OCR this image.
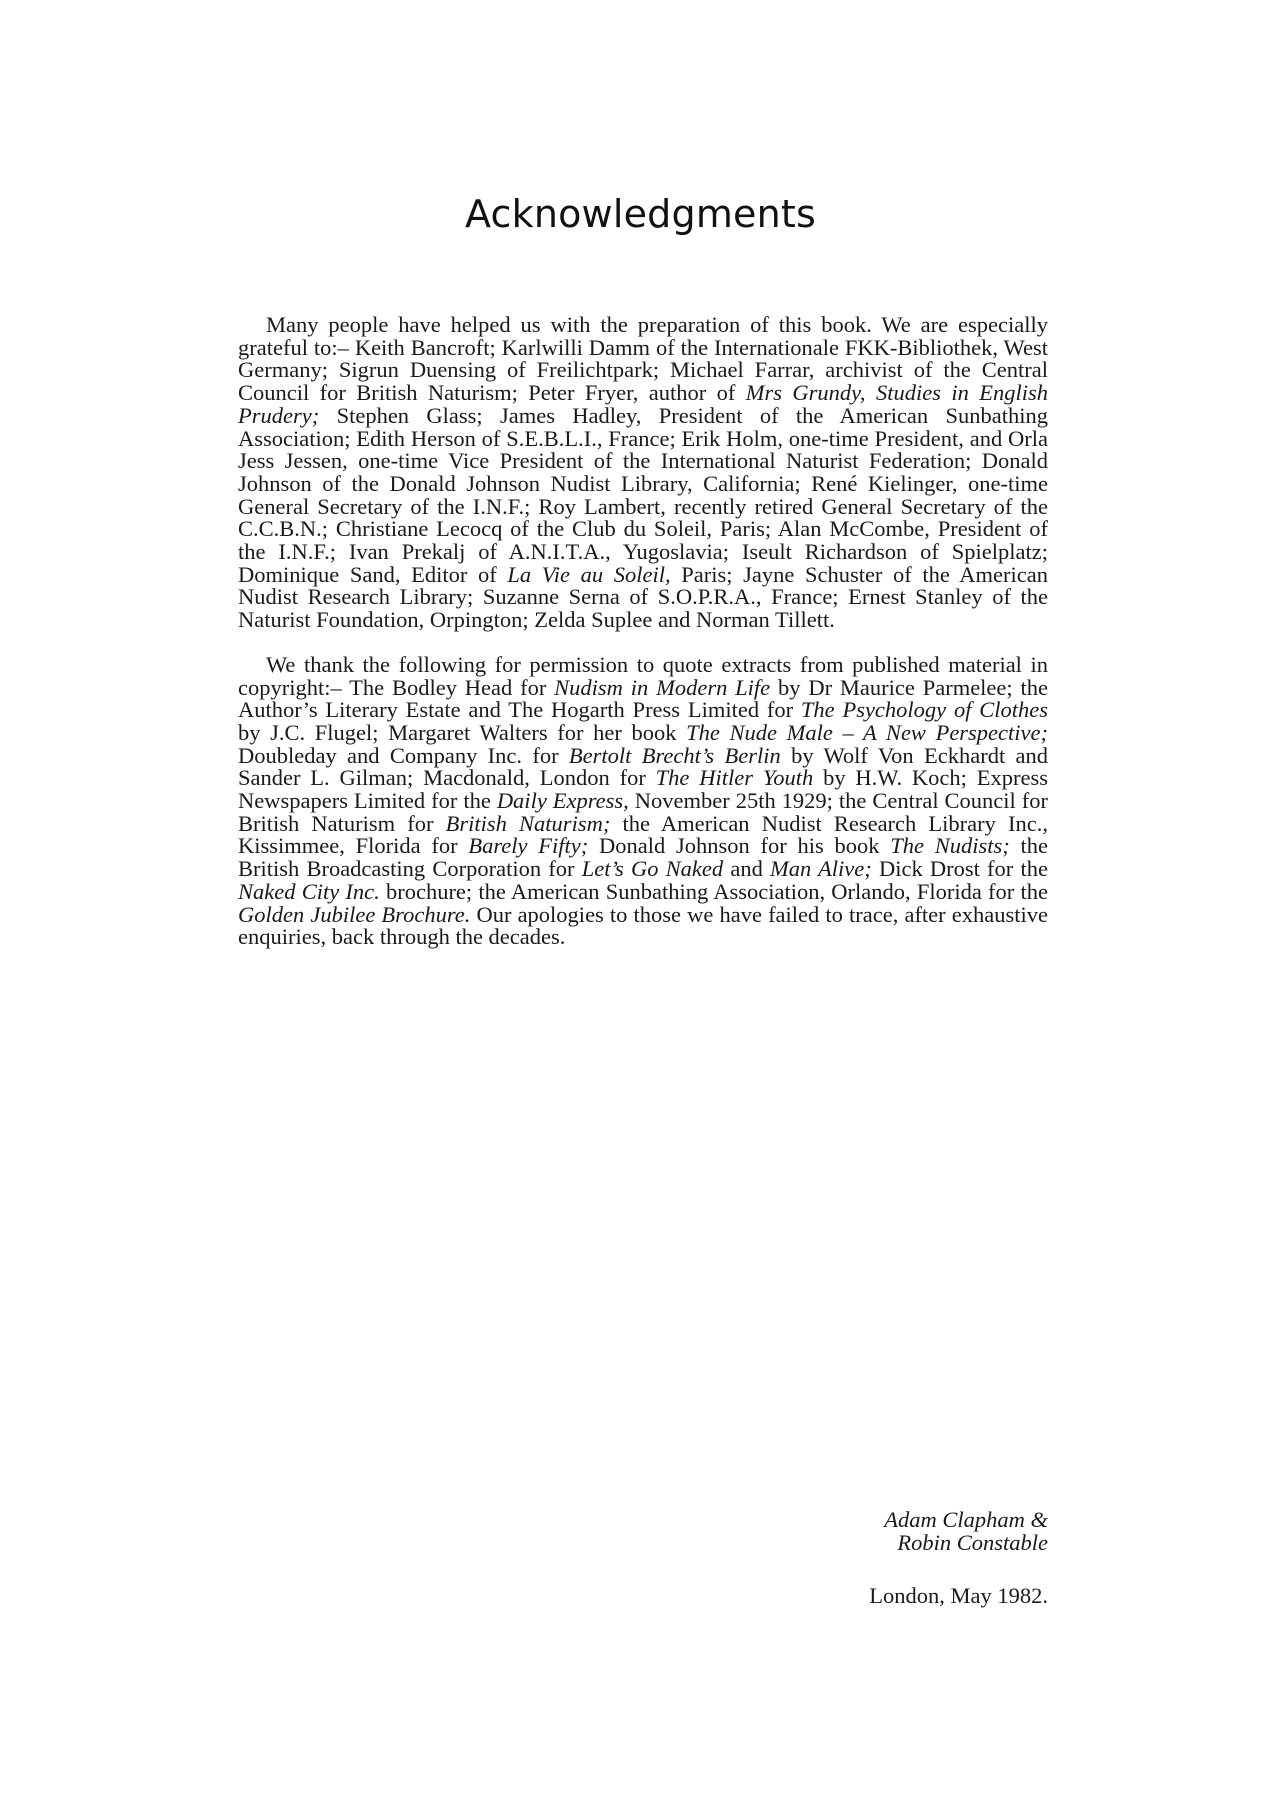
Acknowledgments

Many people have helped us with the preparation of this book. We are especially grateful to:– Keith Bancroft; Karlwilli Damm of the Internationale FKK-Bibliothek, West Germany; Sigrun Duensing of Freilichtpark; Michael Farrar, archivist of the Central Council for British Naturism; Peter Fryer, author of Mrs Grundy, Studies in English Prudery; Stephen Glass; James Hadley, President of the American Sunbathing Association; Edith Herson of S.E.B.L.I., France; Erik Holm, one-time President, and Orla Jess Jessen, one-time Vice President of the International Naturist Federation; Donald Johnson of the Donald Johnson Nudist Library, California; René Kielinger, one-time General Secretary of the I.N.F.; Roy Lambert, recently retired General Secretary of the C.C.B.N.; Christiane Lecocq of the Club du Soleil, Paris; Alan McCombe, President of the I.N.F.; Ivan Prekalj of A.N.I.T.A., Yugoslavia; Iseult Richardson of Spielplatz; Dominique Sand, Editor of La Vie au Soleil, Paris; Jayne Schuster of the American Nudist Research Library; Suzanne Serna of S.O.P.R.A., France; Ernest Stanley of the Naturist Foundation, Orpington; Zelda Suplee and Norman Tillett.

We thank the following for permission to quote extracts from published material in copyright:– The Bodley Head for Nudism in Modern Life by Dr Maurice Parmelee; the Author’s Literary Estate and The Hogarth Press Limited for The Psychology of Clothes by J.C. Flugel; Margaret Walters for her book The Nude Male – A New Perspective; Doubleday and Company Inc. for Bertolt Brecht’s Berlin by Wolf Von Eckhardt and Sander L. Gilman; Macdonald, London for The Hitler Youth by H.W. Koch; Express Newspapers Limited for the Daily Express, November 25th 1929; the Central Council for British Naturism for British Naturism; the American Nudist Research Library Inc., Kissimmee, Florida for Barely Fifty; Donald Johnson for his book The Nudists; the British Broadcasting Corporation for Let’s Go Naked and Man Alive; Dick Drost for the Naked City Inc. brochure; the American Sunbathing Association, Orlando, Florida for the Golden Jubilee Brochure. Our apologies to those we have failed to trace, after exhaustive enquiries, back through the decades.

Adam Clapham &
Robin Constable
London, May 1982.
